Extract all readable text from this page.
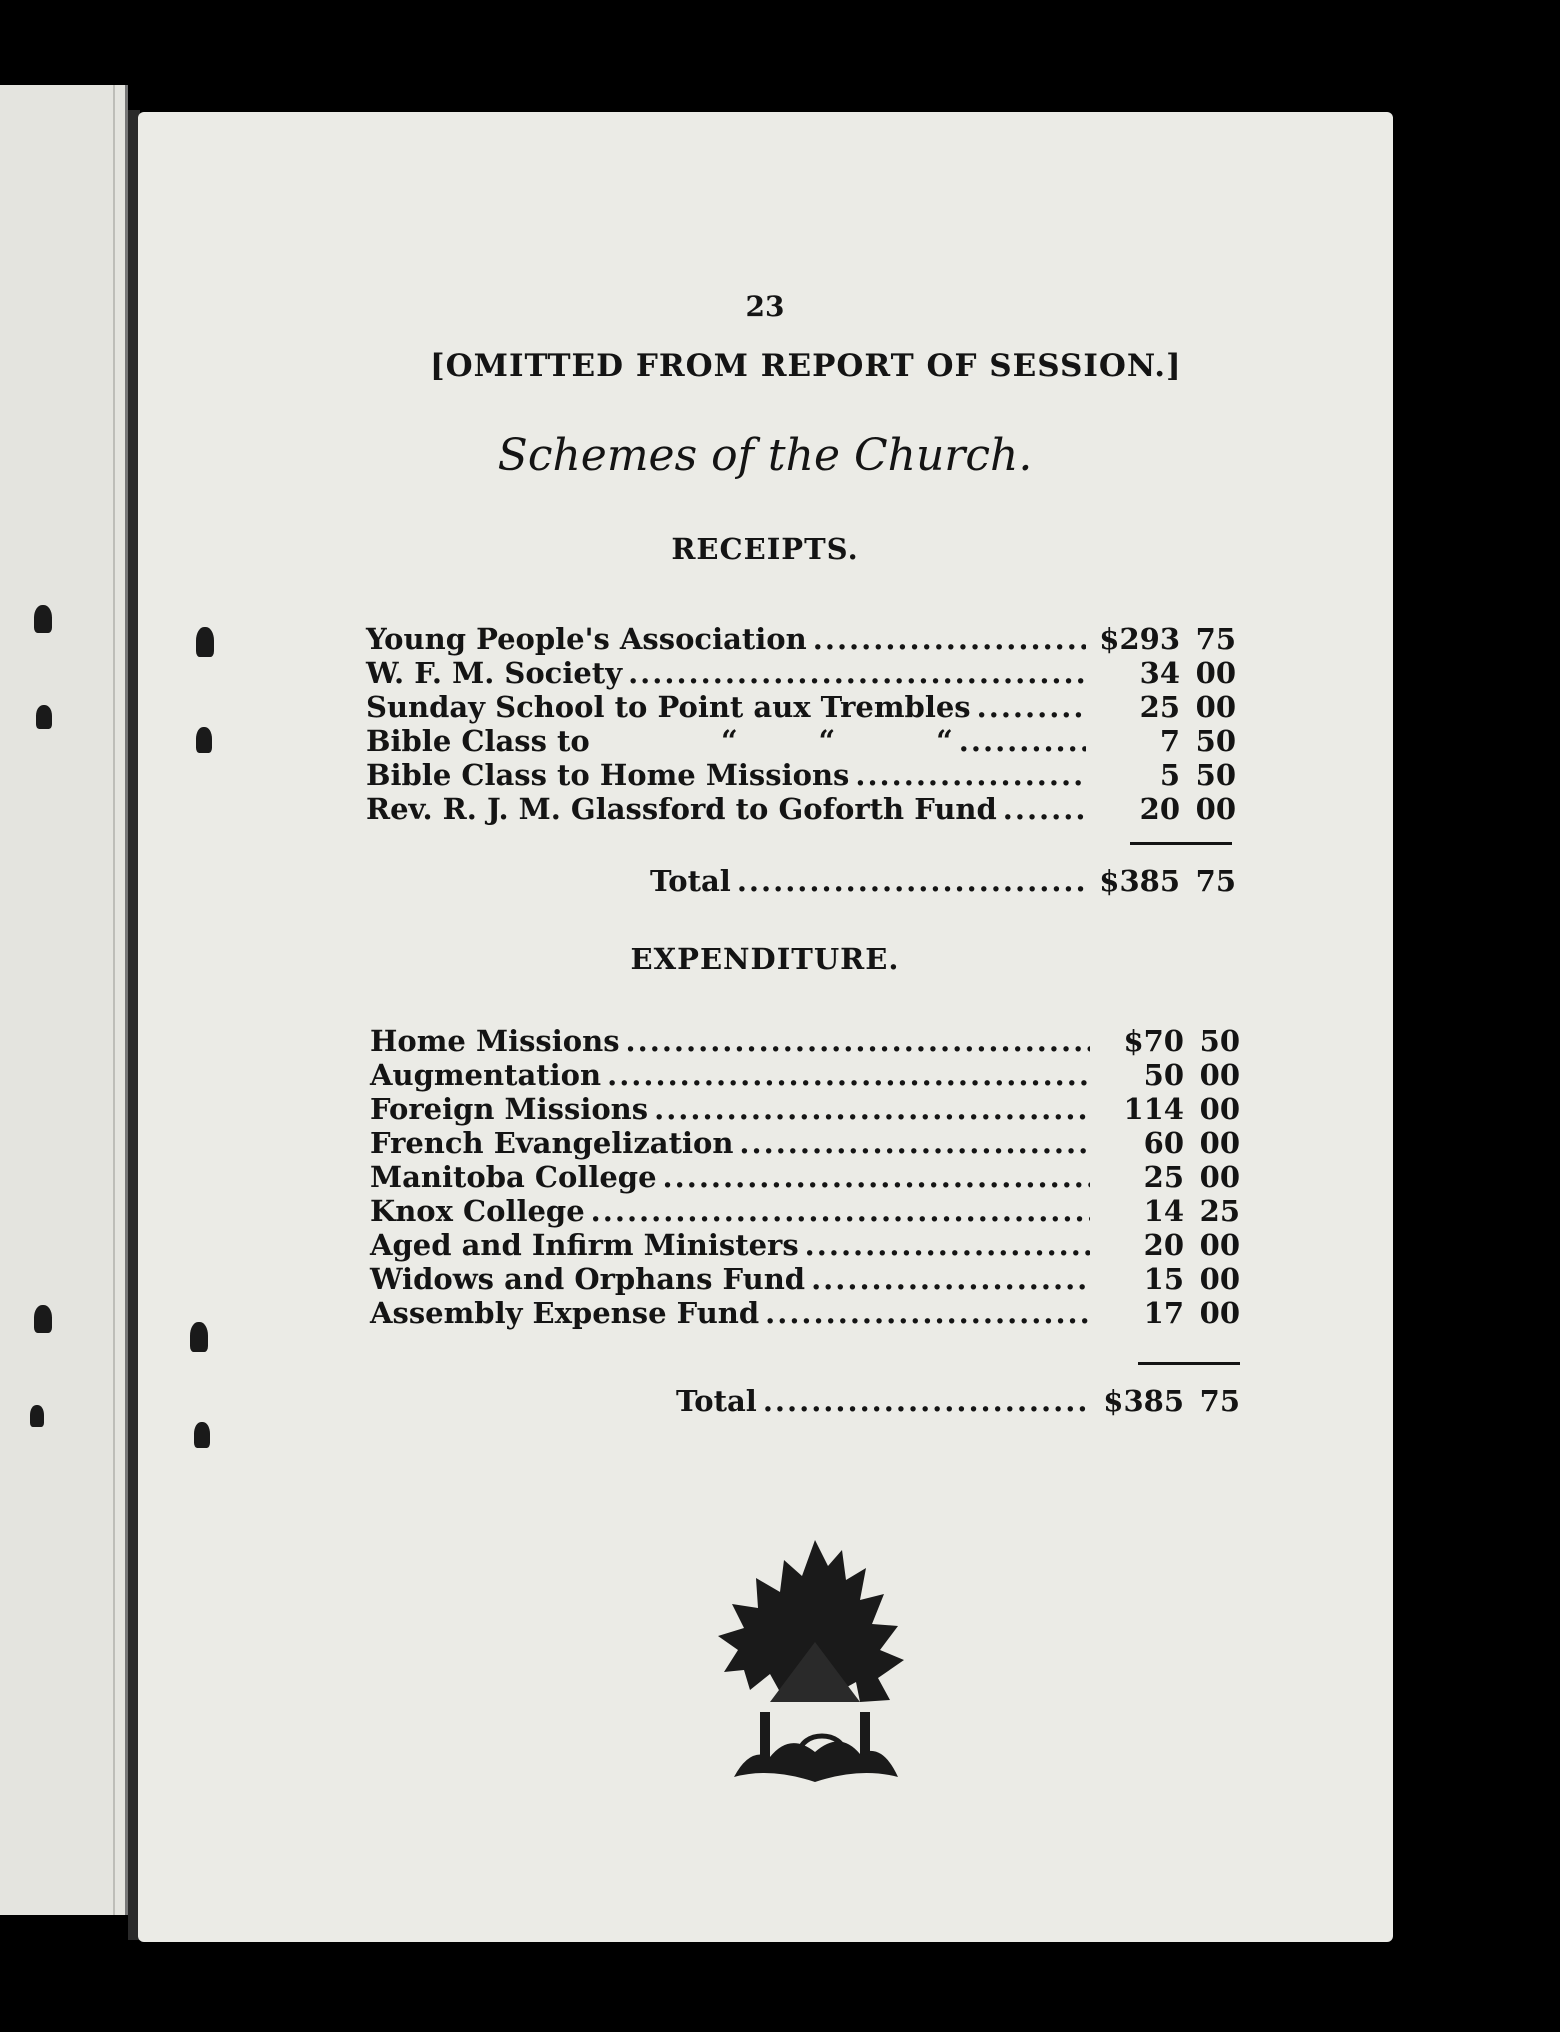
23
[OMITTED FROM REPORT OF SESSION.]
Schemes of the Church.
RECEIPTS.
Young People's Association .....	$293 75
W. F. M. Society .....	34 00
Sunday School to Point aux Trembles .....	25 00
Bible Class to             “        “          “ .....	7 50
Bible Class to Home Missions .....	5 50
Rev. R. J. M. Glassford to Goforth Fund .....	20 00
Total .....	$385 75
EXPENDITURE.
Home Missions .....	$70 50
Augmentation .....	50 00
Foreign Missions .....	114 00
French Evangelization .....	60 00
Manitoba College .....	25 00
Knox College .....	14 25
Aged and Infirm Ministers .....	20 00
Widows and Orphans Fund .....	15 00
Assembly Expense Fund .....	17 00
Total .....	$385 75
